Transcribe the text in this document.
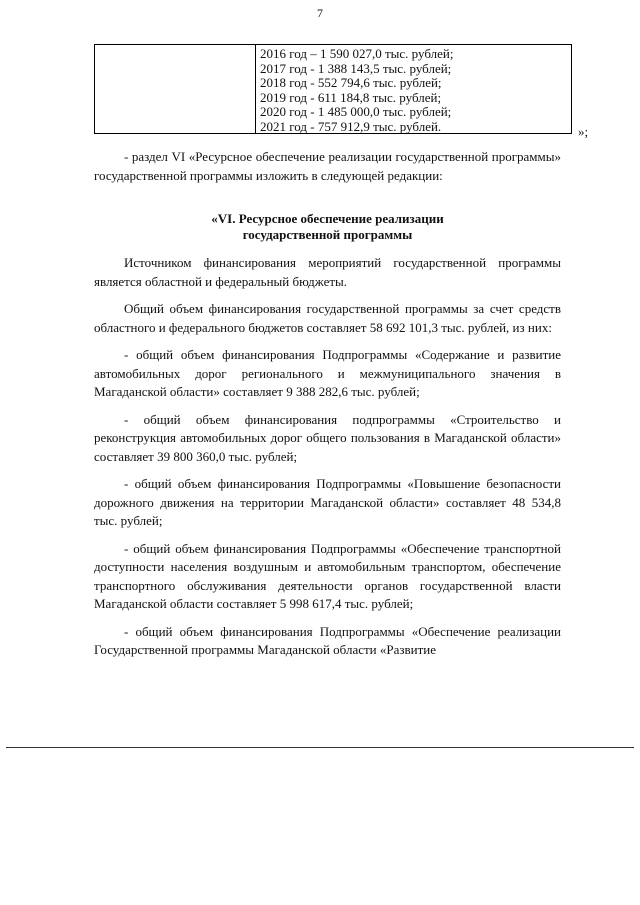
7
2016 год – 1 590 027,0 тыс. рублей;
2017 год - 1 388 143,5 тыс. рублей;
2018 год - 552 794,6 тыс. рублей;
2019 год - 611 184,8 тыс. рублей;
2020 год - 1 485 000,0 тыс. рублей;
2021 год - 757 912,9 тыс. рублей.	»;

- раздел VI «Ресурсное обеспечение реализации государственной программы» государственной программы изложить в следующей редакции:

«VI. Ресурсное обеспечение реализации
государственной программы

Источником финансирования мероприятий государственной программы является областной и федеральный бюджеты.

Общий объем финансирования государственной программы за счет средств областного и федерального бюджетов составляет 58 692 101,3 тыс. рублей, из них:

- общий объем финансирования Подпрограммы «Содержание и развитие автомобильных дорог регионального и межмуниципального значения в Магаданской области» составляет 9 388 282,6 тыс. рублей;

- общий объем финансирования подпрограммы «Строительство и реконструкция автомобильных дорог общего пользования в Магаданской области» составляет 39 800 360,0 тыс. рублей;

- общий объем финансирования Подпрограммы «Повышение безопасности дорожного движения на территории Магаданской области» составляет 48 534,8 тыс. рублей;

- общий объем финансирования Подпрограммы «Обеспечение транспортной доступности населения воздушным и автомобильным транспортом, обеспечение транспортного обслуживания деятельности органов государственной власти Магаданской области составляет 5 998 617,4 тыс. рублей;

- общий объем финансирования Подпрограммы «Обеспечение реализации Государственной программы Магаданской области «Развитие
